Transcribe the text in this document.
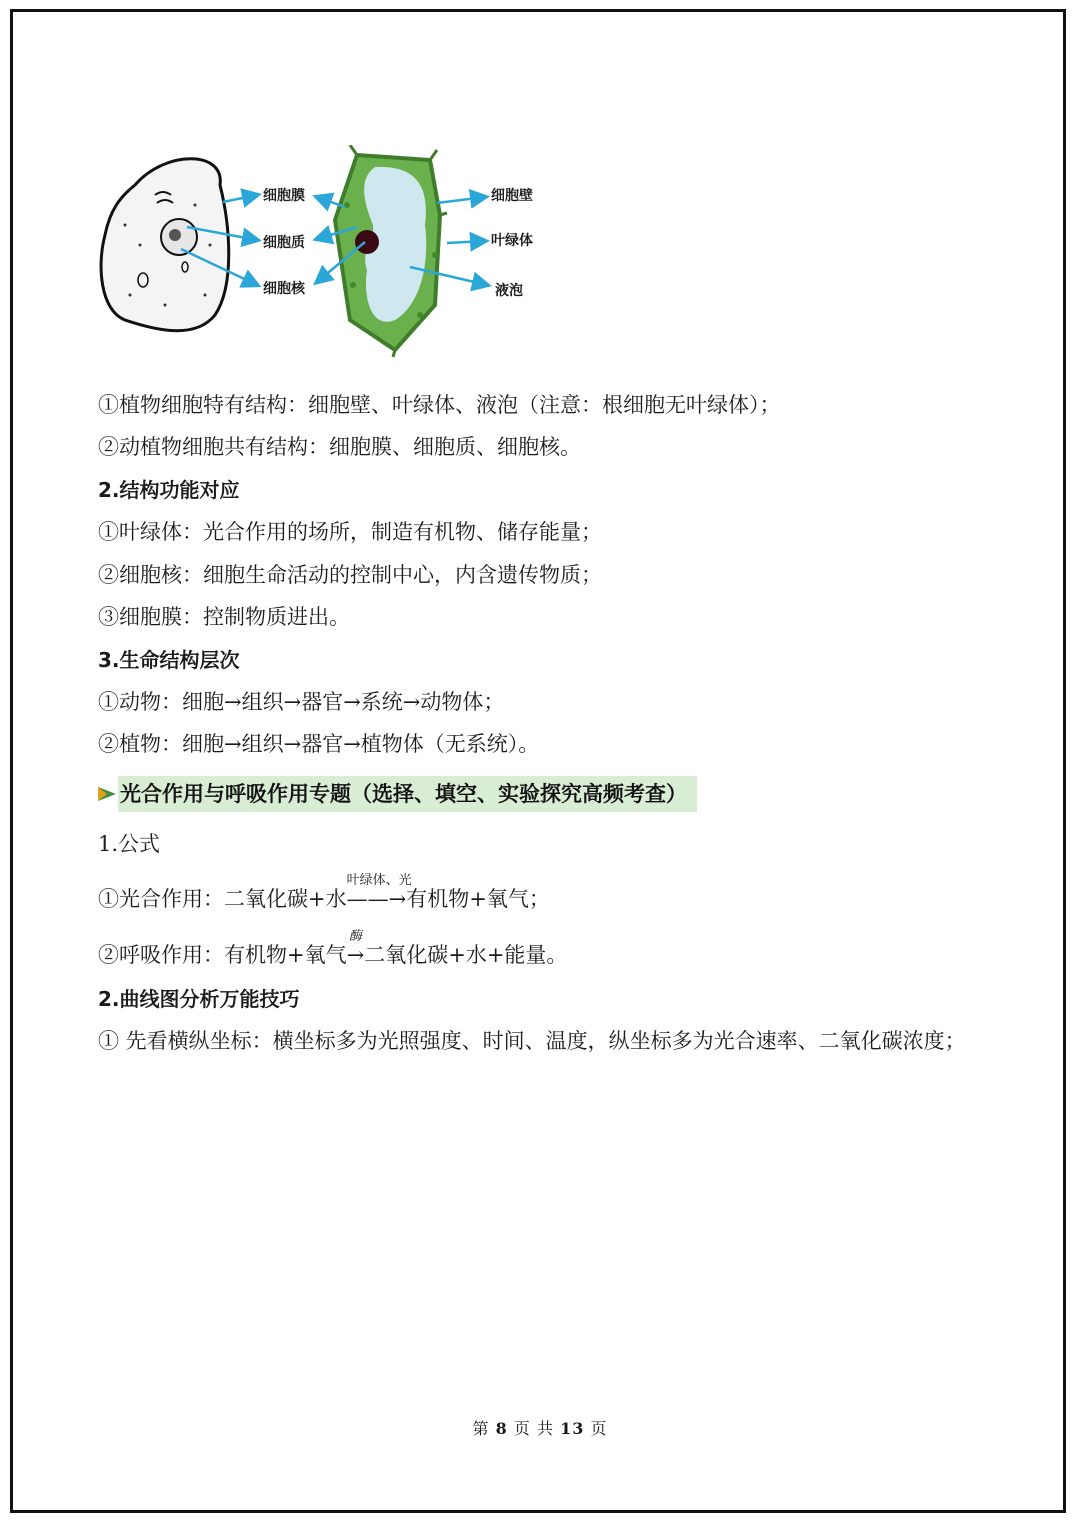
细胞膜
细胞质
细胞核
细胞壁
叶绿体
液泡
①植物细胞特有结构：细胞壁、叶绿体、液泡（注意：根细胞无叶绿体）；
②动植物细胞共有结构：细胞膜、细胞质、细胞核。
2.结构功能对应
①叶绿体：光合作用的场所，制造有机物、储存能量；
②细胞核：细胞生命活动的控制中心，内含遗传物质；
③细胞膜：控制物质进出。
3.生命结构层次
①动物：细胞→组织→器官→系统→动物体；
②植物：细胞→组织→器官→植物体（无系统）。
光合作用与呼吸作用专题（选择、填空、实验探究高频考查）
1.公式
①光合作用：二氧化碳+水
叶绿体、光
——→有机物+氧气；
②呼吸作用：有机物+氧气
酶
→二氧化碳+水+能量。
2.曲线图分析万能技巧
① 先看横纵坐标：横坐标多为光照强度、时间、温度，纵坐标多为光合速率、二氧化碳浓度；
第 8 页 共 13 页
